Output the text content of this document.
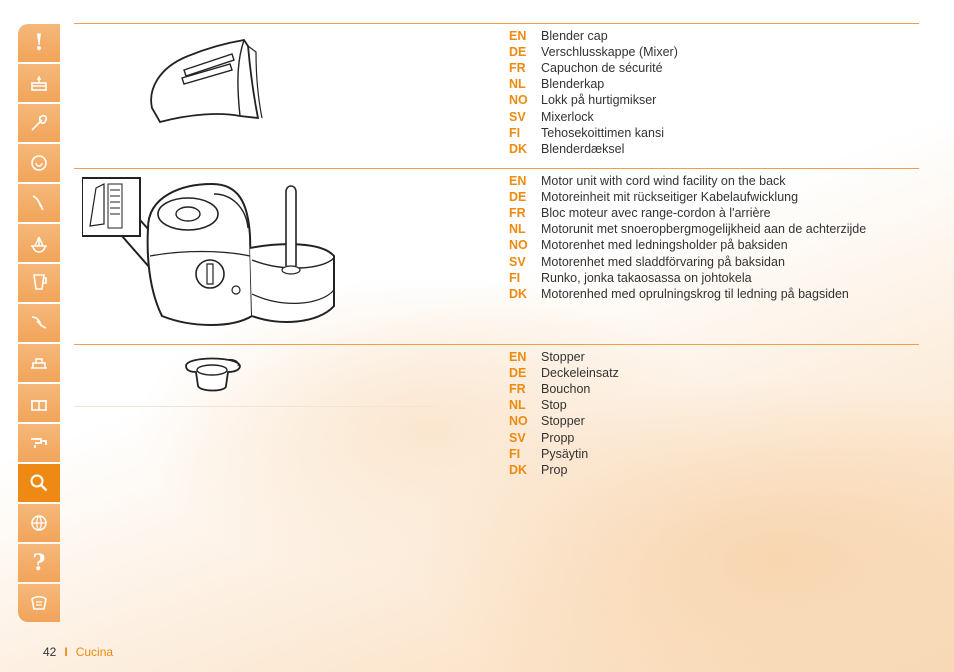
!
?
EN	Blender cap
DE	Verschlusskappe (Mixer)
FR	Capuchon de sécurité
NL	Blenderkap
NO	Lokk på hurtigmikser
SV	Mixerlock
FI	Tehosekoittimen kansi
DK	Blenderdæksel
EN	Motor unit with cord wind facility on the back
DE	Motoreinheit mit rückseitiger Kabelaufwicklung
FR	Bloc moteur avec range-cordon à l'arrière
NL	Motorunit met snoeropbergmogelijkheid aan de achterzijde
NO	Motorenhet med ledningsholder på baksiden
SV	Motorenhet med sladdförvaring på baksidan
FI	Runko, jonka takaosassa on johtokela
DK	Motorenhed med oprulningskrog til ledning på bagsiden
EN	Stopper
DE	Deckeleinsatz
FR	Bouchon
NL	Stop
NO	Stopper
SV	Propp
FI	Pysäytin
DK	Prop
42 I Cucina
